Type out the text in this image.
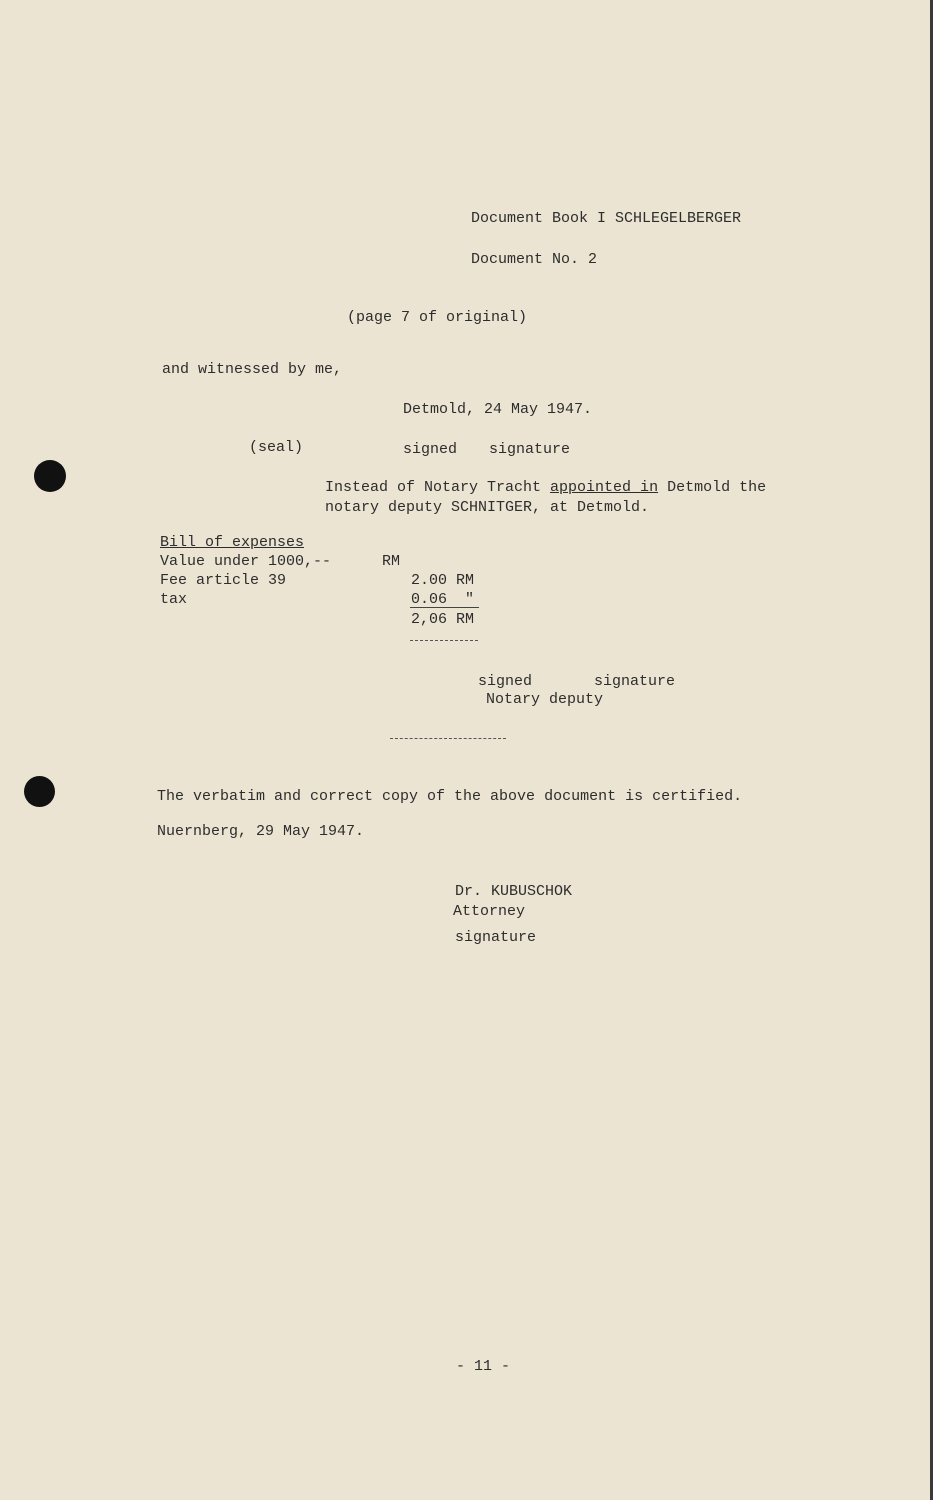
Document Book I SCHLEGELBERGER
Document No. 2
(page 7 of original)
and witnessed by me,
Detmold, 24 May 1947.
(seal)	signed signature
Instead of Notary Tracht appointed in Detmold the
notary deputy SCHNITGER, at Detmold.
Bill of expenses
Value under 1000,--	RM
Fee article 39	2.00 RM
tax	0.06  "
2,06 RM
signed	signature
Notary deputy
The verbatim and correct copy of the above document is certified.
Nuernberg, 29 May 1947.
Dr. KUBUSCHOK
Attorney
signature
- 11 -
